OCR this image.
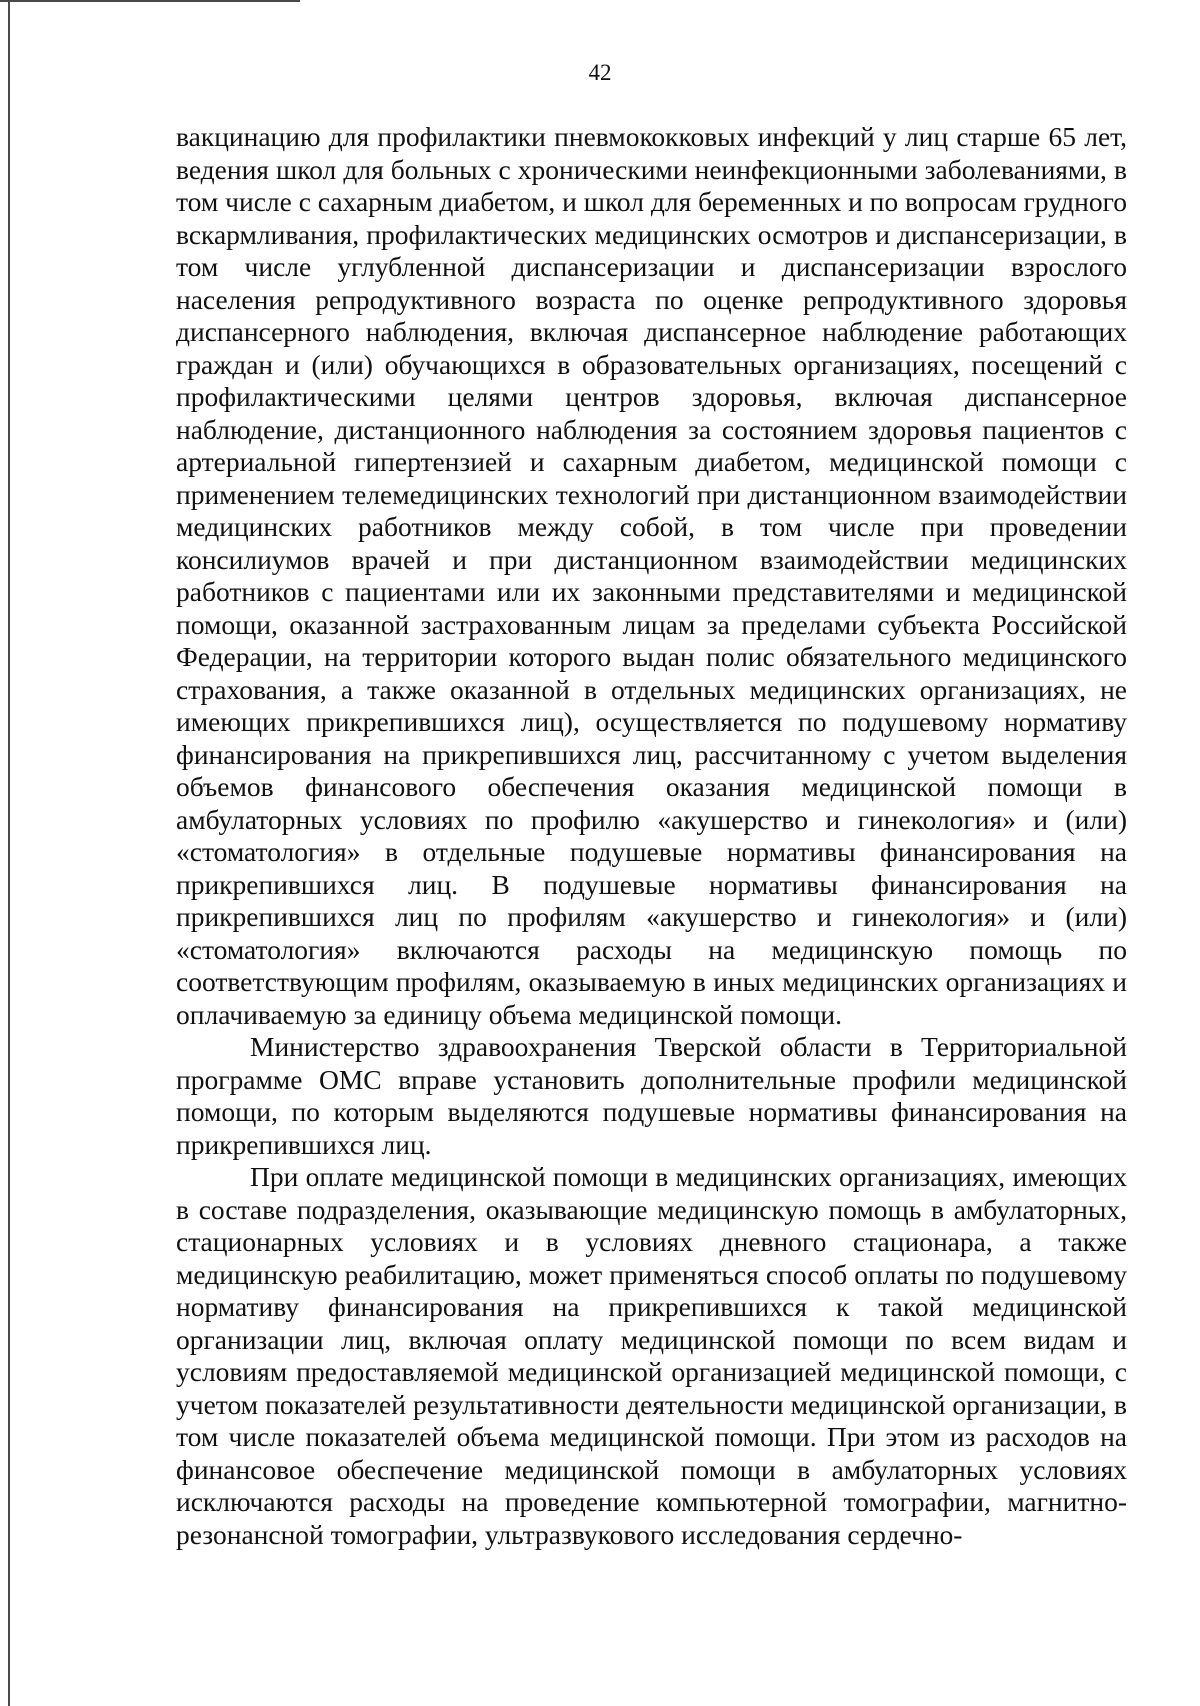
42

вакцинацию для профилактики пневмококковых инфекций у лиц старше 65 лет, ведения школ для больных с хроническими неинфекционными заболеваниями, в том числе с сахарным диабетом, и школ для беременных и по вопросам грудного вскармливания, профилактических медицинских осмотров и диспансеризации, в том числе углубленной диспансеризации и диспансеризации взрослого населения репродуктивного возраста по оценке репродуктивного здоровья диспансерного наблюдения, включая диспансерное наблюдение работающих граждан и (или) обучающихся в образовательных организациях, посещений с профилактическими целями центров здоровья, включая диспансерное наблюдение, дистанционного наблюдения за состоянием здоровья пациентов с артериальной гипертензией и сахарным диабетом, медицинской помощи с применением телемедицинских технологий при дистанционном взаимодействии медицинских работников между собой, в том числе при проведении консилиумов врачей и при дистанционном взаимодействии медицинских работников с пациентами или их законными представителями и медицинской помощи, оказанной застрахованным лицам за пределами субъекта Российской Федерации, на территории которого выдан полис обязательного медицинского страхования, а также оказанной в отдельных медицинских организациях, не имеющих прикрепившихся лиц), осуществляется по подушевому нормативу финансирования на прикрепившихся лиц, рассчитанному с учетом выделения объемов финансового обеспечения оказания медицинской помощи в амбулаторных условиях по профилю «акушерство и гинекология» и (или) «стоматология» в отдельные подушевые нормативы финансирования на прикрепившихся лиц. В подушевые нормативы финансирования на прикрепившихся лиц по профилям «акушерство и гинекология» и (или) «стоматология» включаются расходы на медицинскую помощь по соответствующим профилям, оказываемую в иных медицинских организациях и оплачиваемую за единицу объема медицинской помощи.

Министерство здравоохранения Тверской области в Территориальной программе ОМС вправе установить дополнительные профили медицинской помощи, по которым выделяются подушевые нормативы финансирования на прикрепившихся лиц.

При оплате медицинской помощи в медицинских организациях, имеющих в составе подразделения, оказывающие медицинскую помощь в амбулаторных, стационарных условиях и в условиях дневного стационара, а также медицинскую реабилитацию, может применяться способ оплаты по подушевому нормативу финансирования на прикрепившихся к такой медицинской организации лиц, включая оплату медицинской помощи по всем видам и условиям предоставляемой медицинской организацией медицинской помощи, с учетом показателей результативности деятельности медицинской организации, в том числе показателей объема медицинской помощи. При этом из расходов на финансовое обеспечение медицинской помощи в амбулаторных условиях исключаются расходы на проведение компьютерной томографии, магнитно-резонансной томографии, ультразвукового исследования сердечно-
